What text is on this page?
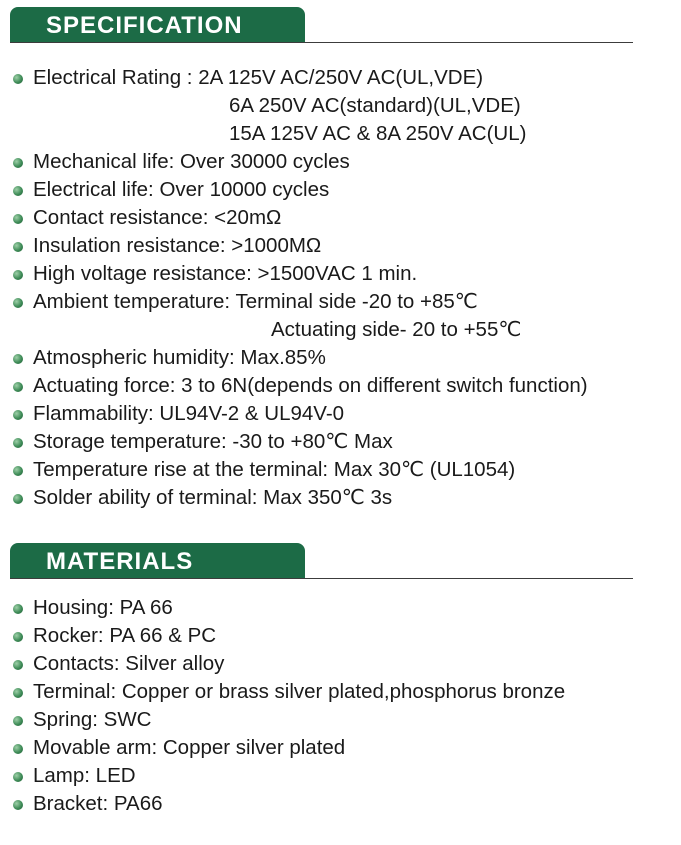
SPECIFICATION
Electrical Rating : 2A 125V AC/250V AC(UL,VDE)
6A 250V AC(standard)(UL,VDE)
15A 125V AC & 8A 250V AC(UL)
Mechanical life: Over 30000 cycles
Electrical life: Over 10000 cycles
Contact resistance: <20mΩ
Insulation resistance: >1000MΩ
High voltage resistance: >1500VAC 1 min.
Ambient temperature: Terminal side -20 to +85℃
Actuating side- 20 to +55℃
Atmospheric humidity: Max.85%
Actuating force: 3 to 6N(depends on different switch function)
Flammability: UL94V-2 & UL94V-0
Storage temperature: -30 to +80℃ Max
Temperature rise at the terminal: Max 30℃ (UL1054)
Solder ability of terminal: Max 350℃ 3s
MATERIALS
Housing: PA 66
Rocker: PA 66 & PC
Contacts: Silver alloy
Terminal: Copper or brass silver plated,phosphorus bronze
Spring: SWC
Movable arm: Copper silver plated
Lamp: LED
Bracket: PA66
